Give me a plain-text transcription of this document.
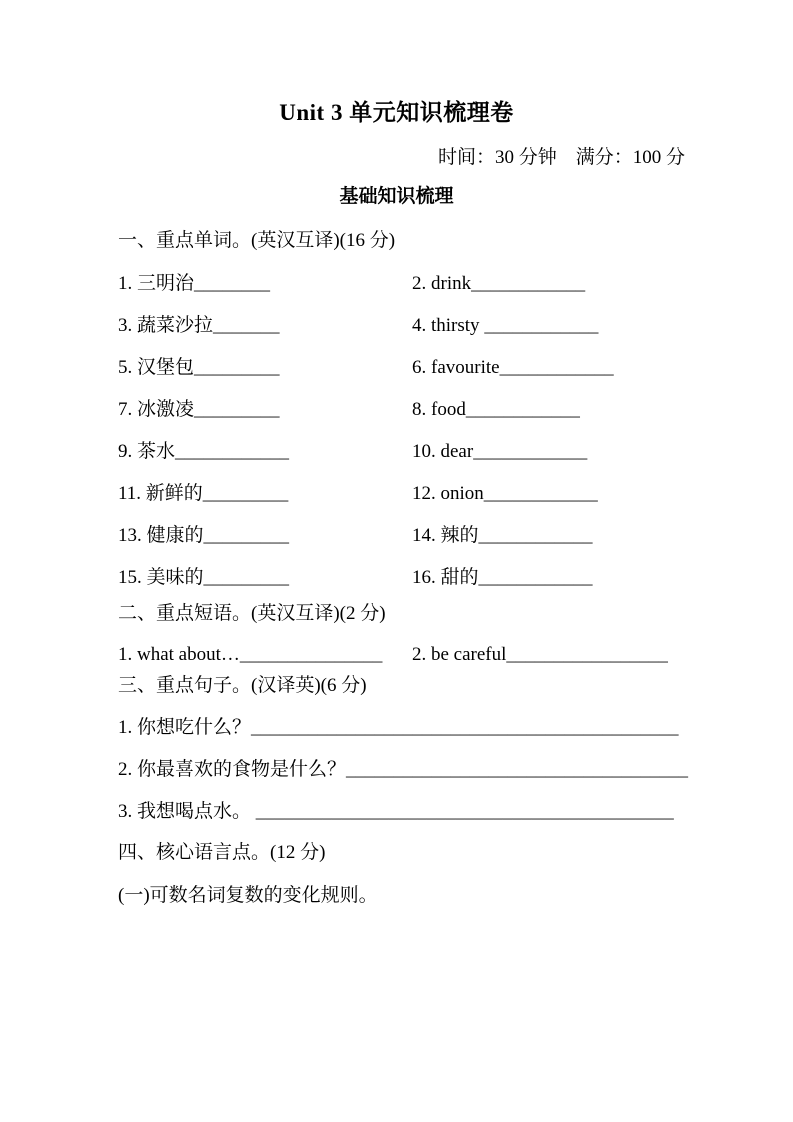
Unit 3 单元知识梳理卷
时间：30 分钟　满分：100 分
基础知识梳理
一、重点单词。(英汉互译)(16 分)
1. 三明治________	2. drink____________
3. 蔬菜沙拉_______	4. thirsty ____________
5. 汉堡包_________	6. favourite____________
7. 冰激凌_________	8. food____________
9. 茶水____________	10. dear____________
11. 新鲜的_________	12. onion____________
13. 健康的_________	14. 辣的____________
15. 美味的_________	16. 甜的____________
二、重点短语。(英汉互译)(2 分)
1. what about…_______________	2. be careful_________________
三、重点句子。(汉译英)(6 分)
1. 你想吃什么？_____________________________________________
2. 你最喜欢的食物是什么？____________________________________
3. 我想喝点水。 ____________________________________________
四、核心语言点。(12 分)
(一)可数名词复数的变化规则。
